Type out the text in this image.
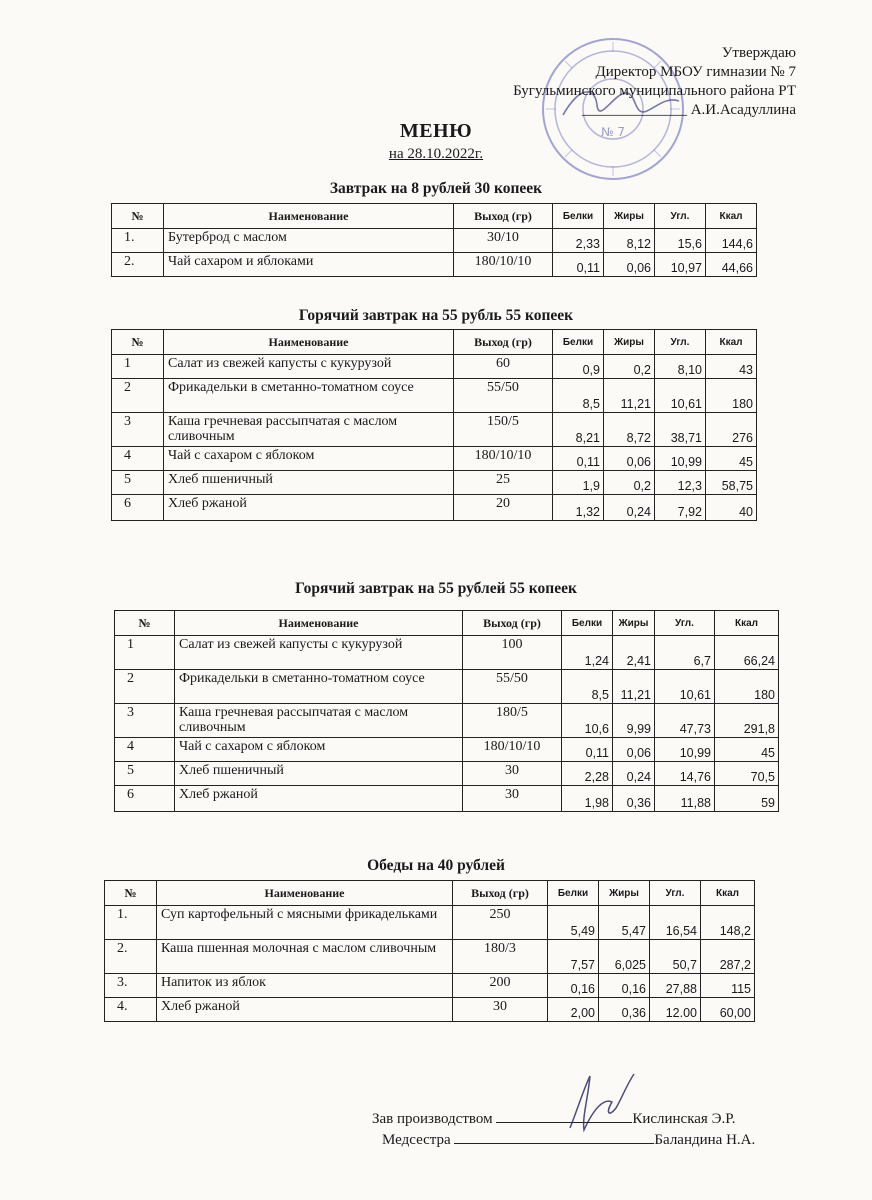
№ 7
Утверждаю
Директор МБОУ гимназии № 7
Бугульминского муниципального района РТ
______________ А.И.Асадуллина
МЕНЮ
на 28.10.2022г.
Завтрак на 8 рублей 30 копеек
№	Наименование	Выход (гр)	Белки	Жиры	Угл.	Ккал
1.	Бутерброд с маслом	30/10	2,33	8,12	15,6	144,6
2.	Чай сахаром и яблоками	180/10/10	0,11	0,06	10,97	44,66
Горячий завтрак на 55 рубль 55 копеек
№	Наименование	Выход (гр)	Белки	Жиры	Угл.	Ккал
1	Салат из свежей капусты с кукурузой	60	0,9	0,2	8,10	43
2	Фрикадельки в сметанно-томатном соусе	55/50	8,5	11,21	10,61	180
3	Каша гречневая рассыпчатая с маслом сливочным	150/5	8,21	8,72	38,71	276
4	Чай с сахаром с яблоком	180/10/10	0,11	0,06	10,99	45
5	Хлеб пшеничный	25	1,9	0,2	12,3	58,75
6	Хлеб ржаной	20	1,32	0,24	7,92	40
Горячий завтрак на 55 рублей 55 копеек
№	Наименование	Выход (гр)	Белки	Жиры	Угл.	Ккал
1	Салат из свежей капусты с кукурузой	100	1,24	2,41	6,7	66,24
2	Фрикадельки в сметанно-томатном соусе	55/50	8,5	11,21	10,61	180
3	Каша гречневая рассыпчатая с маслом сливочным	180/5	10,6	9,99	47,73	291,8
4	Чай с сахаром с яблоком	180/10/10	0,11	0,06	10,99	45
5	Хлеб пшеничный	30	2,28	0,24	14,76	70,5
6	Хлеб ржаной	30	1,98	0,36	11,88	59
Обеды на 40 рублей
№	Наименование	Выход (гр)	Белки	Жиры	Угл.	Ккал
1.	Суп картофельный с мясными фрикадельками	250	5,49	5,47	16,54	148,2
2.	Каша пшенная молочная с маслом сливочным	180/3	7,57	6,025	50,7	287,2
3.	Напиток из яблок	200	0,16	0,16	27,88	115
4.	Хлеб ржаной	30	2,00	0,36	12.00	60,00
Зав производством	Кислинская Э.Р.
Медсестра	Баландина Н.А.
